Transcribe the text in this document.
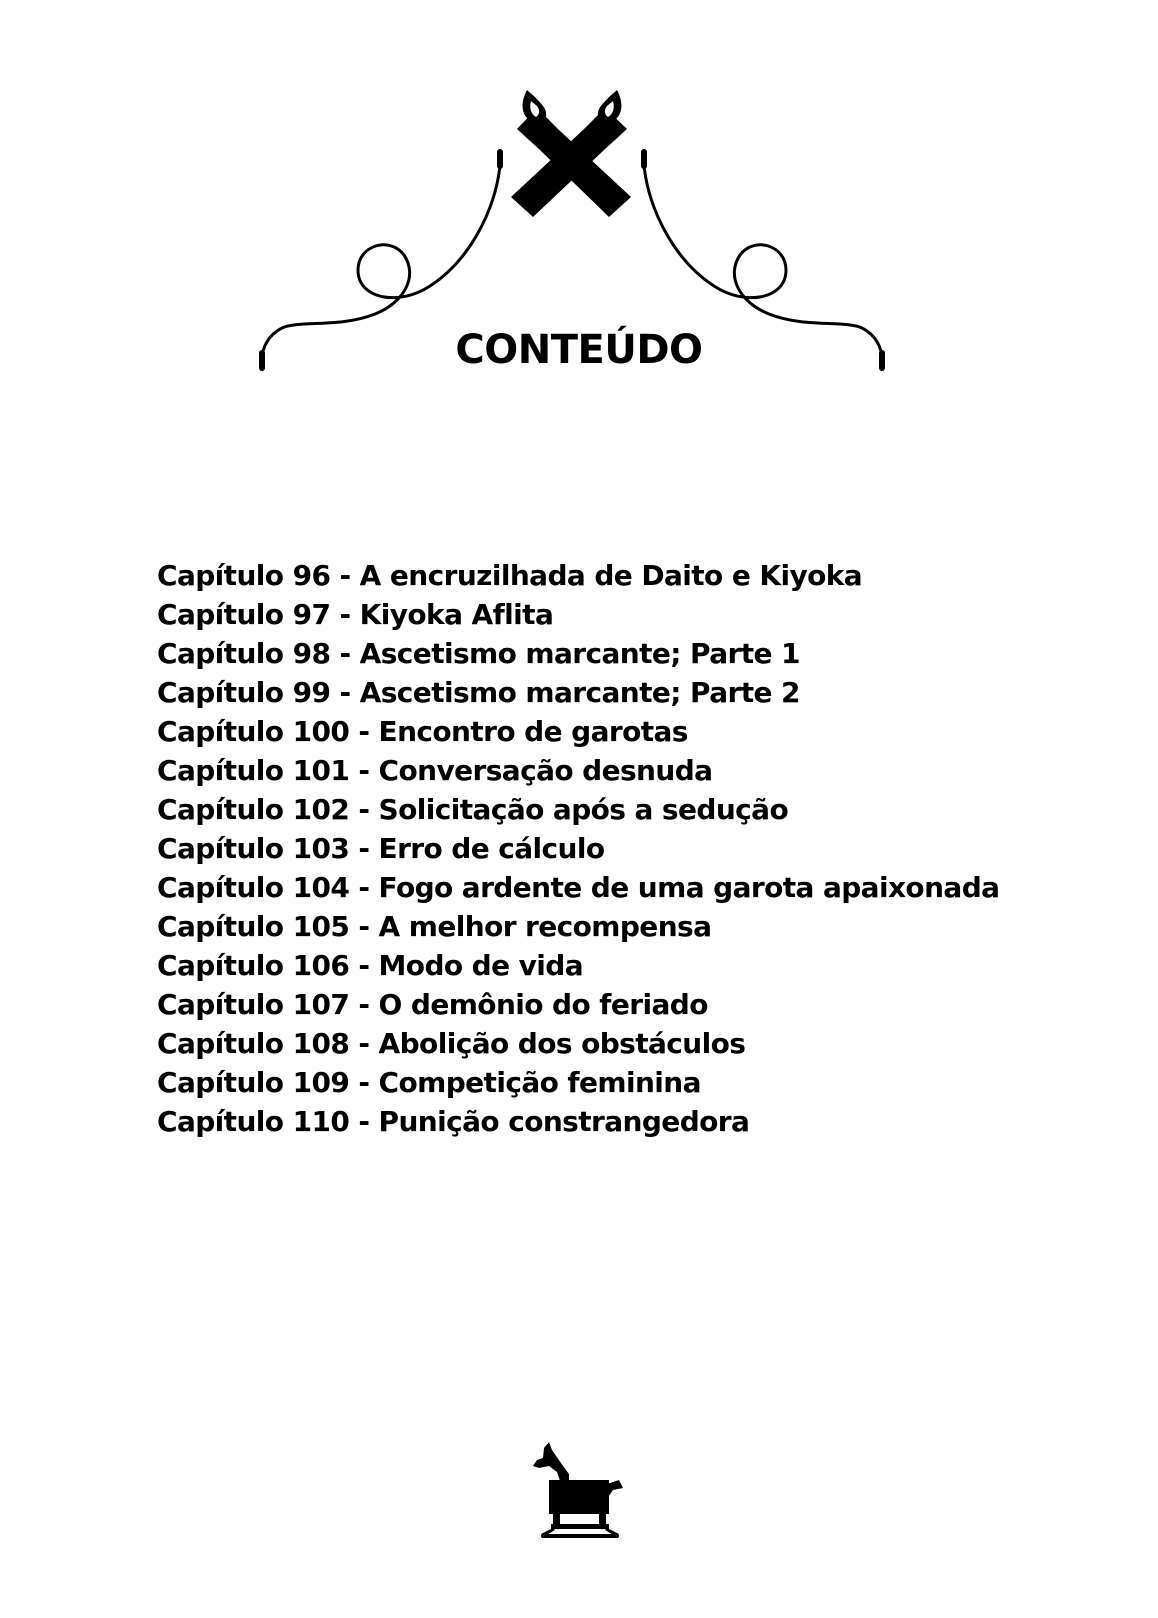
CONTEÚDO
Capítulo 96 - A encruzilhada de Daito e Kiyoka
Capítulo 97 - Kiyoka Aflita
Capítulo 98 - Ascetismo marcante; Parte 1
Capítulo 99 - Ascetismo marcante; Parte 2
Capítulo 100 - Encontro de garotas
Capítulo 101 - Conversação desnuda
Capítulo 102 - Solicitação após a sedução
Capítulo 103 - Erro de cálculo
Capítulo 104 - Fogo ardente de uma garota apaixonada
Capítulo 105 - A melhor recompensa
Capítulo 106 - Modo de vida
Capítulo 107 - O demônio do feriado
Capítulo 108 - Abolição dos obstáculos
Capítulo 109 - Competição feminina
Capítulo 110 - Punição constrangedora
